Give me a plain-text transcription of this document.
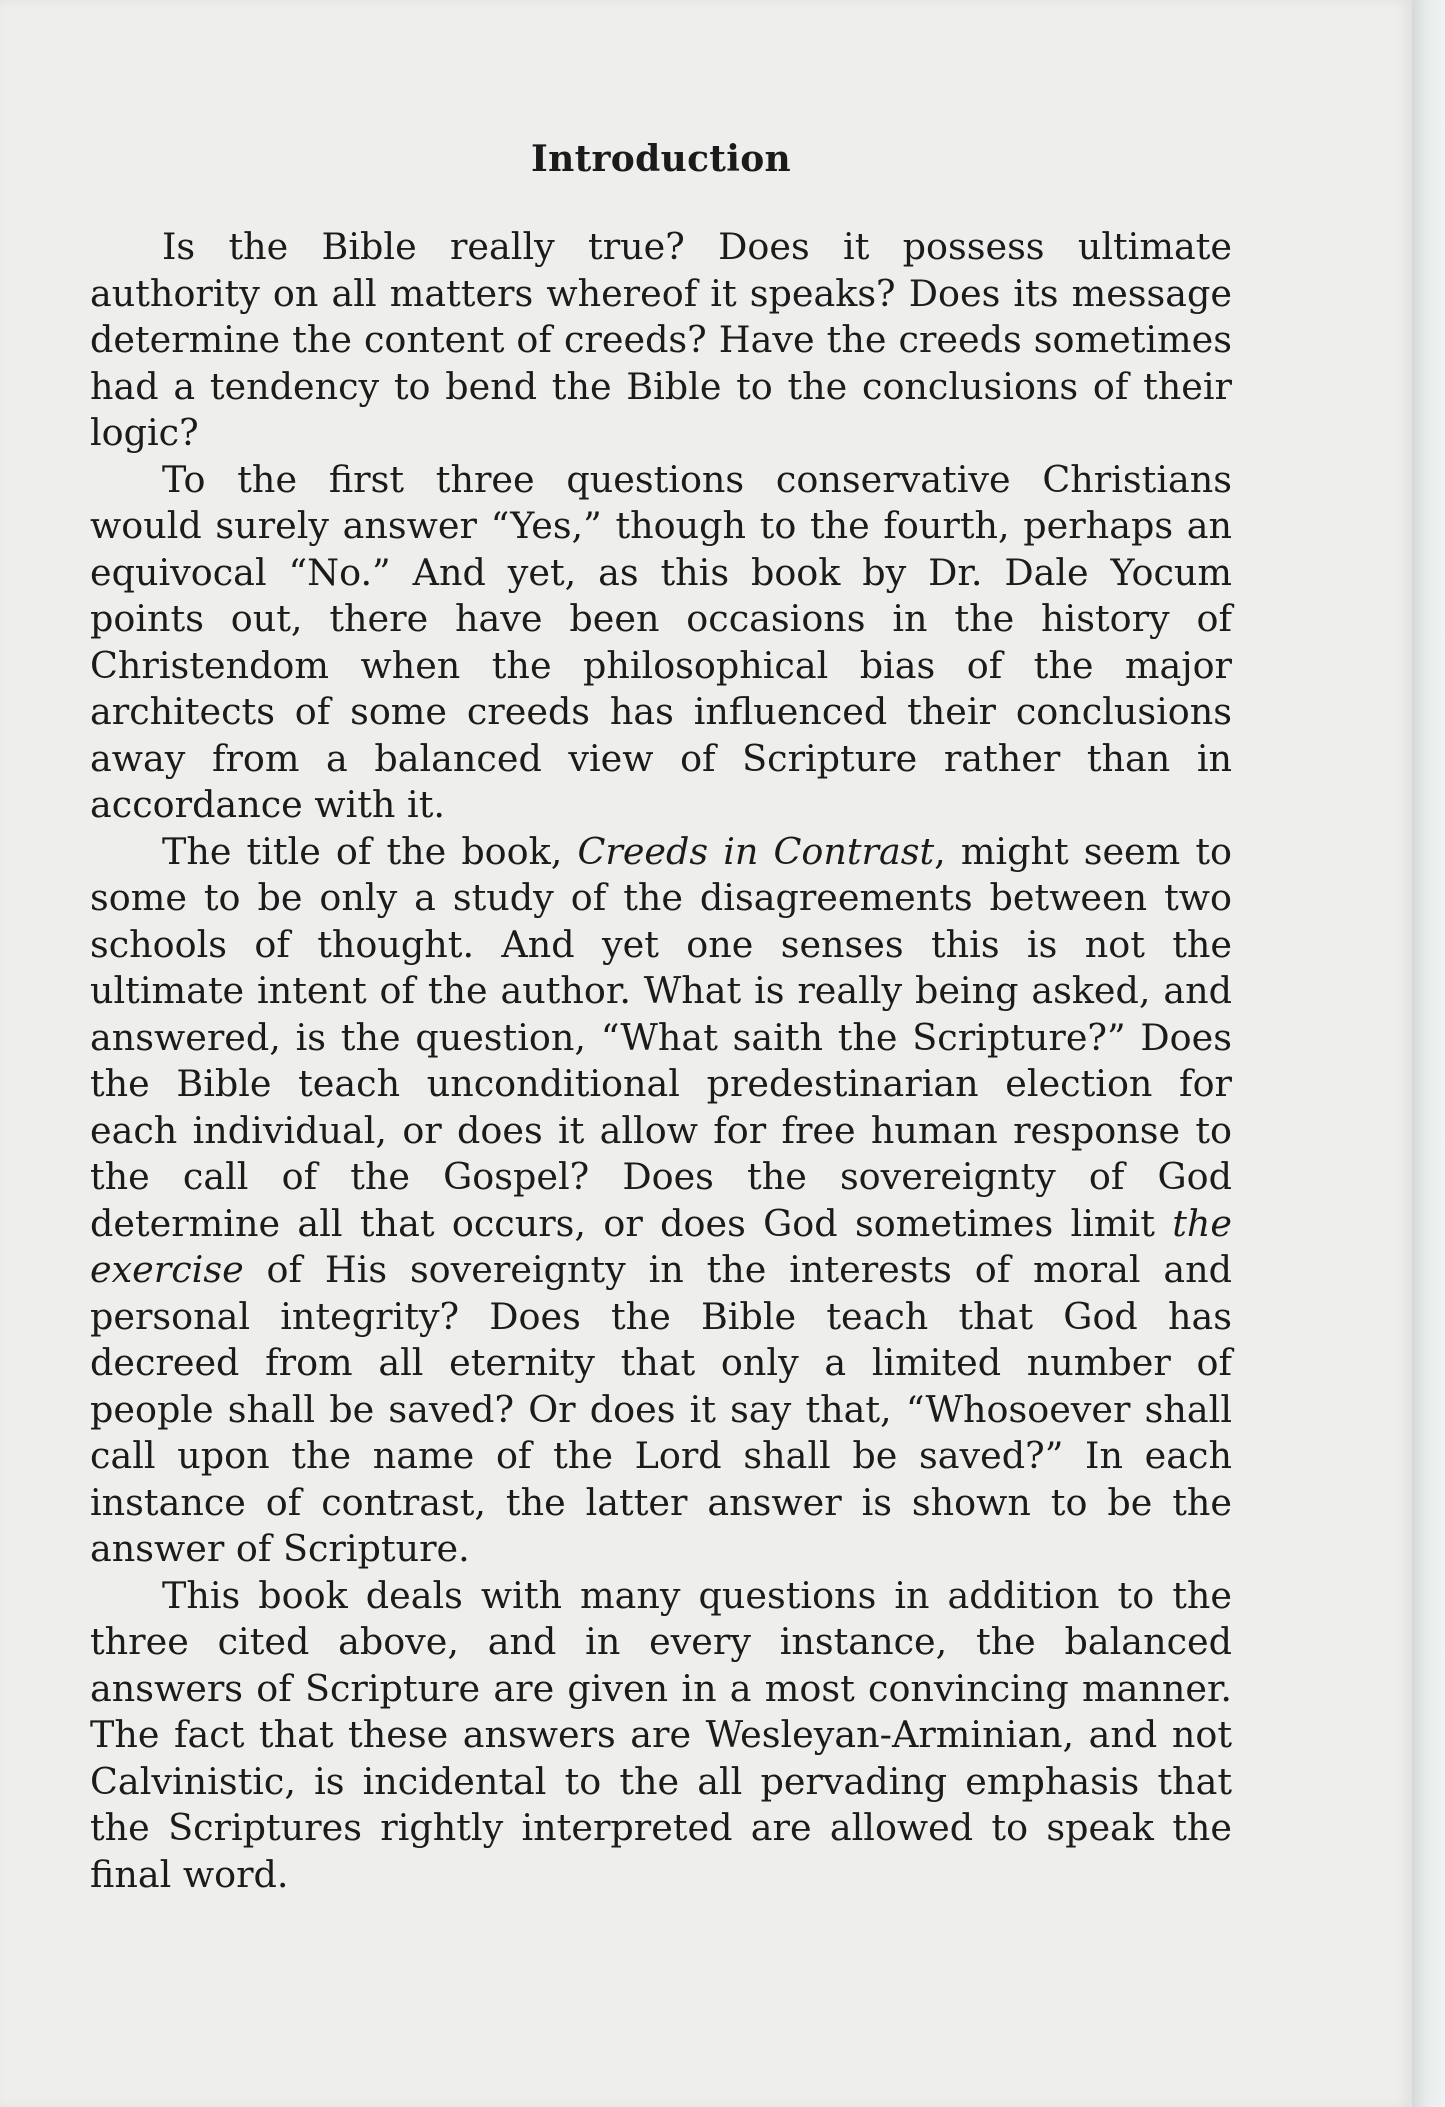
Introduction

Is the Bible really true? Does it possess ultimate authority on all matters whereof it speaks? Does its message determine the content of creeds? Have the creeds sometimes had a tendency to bend the Bible to the conclusions of their logic?

To the first three questions conservative Christians would surely answer “Yes,” though to the fourth, perhaps an equivocal “No.” And yet, as this book by Dr. Dale Yocum points out, there have been occasions in the history of Christendom when the philosophical bias of the major architects of some creeds has influenced their conclusions away from a balanced view of Scripture rather than in accordance with it.

The title of the book, Creeds in Contrast, might seem to some to be only a study of the disagreements between two schools of thought. And yet one senses this is not the ultimate intent of the author. What is really being asked, and answered, is the question, “What saith the Scripture?” Does the Bible teach unconditional predestinarian election for each individual, or does it allow for free human response to the call of the Gospel? Does the sovereignty of God determine all that occurs, or does God sometimes limit the exercise of His sovereignty in the interests of moral and personal integrity? Does the Bible teach that God has decreed from all eternity that only a limited number of people shall be saved? Or does it say that, “Whosoever shall call upon the name of the Lord shall be saved?” In each instance of contrast, the latter answer is shown to be the answer of Scripture.

This book deals with many questions in addition to the three cited above, and in every instance, the balanced answers of Scripture are given in a most convincing manner. The fact that these answers are Wesleyan-Arminian, and not Calvinistic, is incidental to the all pervading emphasis that the Scriptures rightly interpreted are allowed to speak the final word.
